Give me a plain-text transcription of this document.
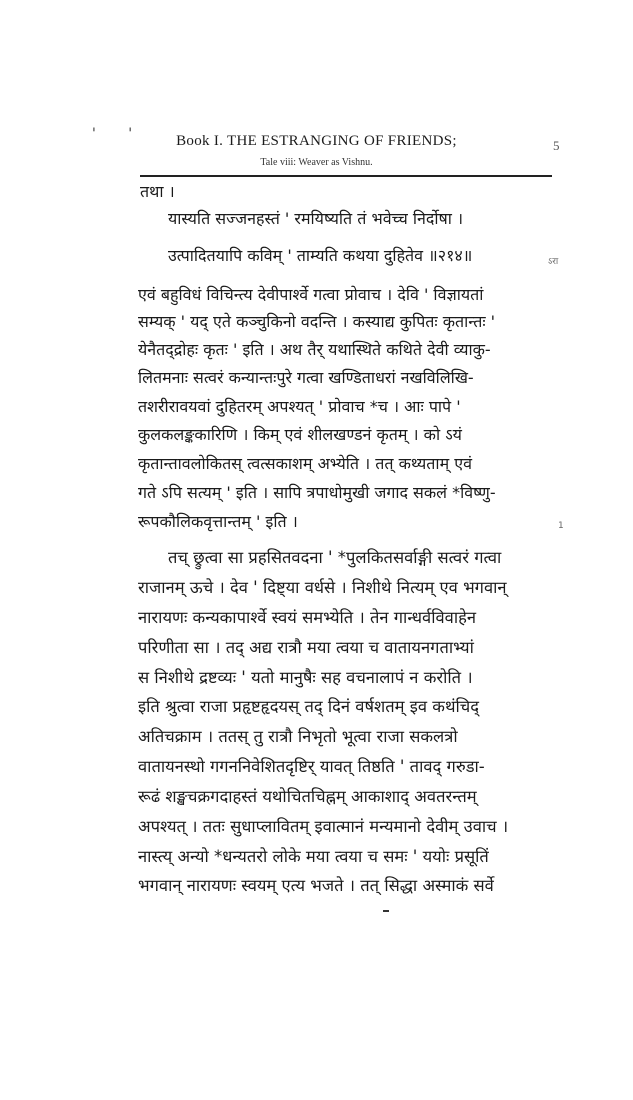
' '	Book I. THE ESTRANGING OF FRIENDS;	5
Tale viii: Weaver as Vishnu.
तथा ।
यास्यति सज्जनहस्तं ' रमयिष्यति तं भवेच्च निर्दोषा ।
उत्पादितयापि कविम् ' ताम्यति कथया दुहितेव ॥२१४॥
एवं बहुविधं विचिन्त्य देवीपार्श्वे गत्वा प्रोवाच । देवि ' विज्ञायतां
सम्यक् ' यद् एते कञ्चुकिनो वदन्ति । कस्याद्य कुपितः कृतान्तः '
येनैतद्द्रोहः कृतः ' इति । अथ तैर् यथास्थिते कथिते देवी व्याकु-
लितमनाः सत्वरं कन्यान्तःपुरे गत्वा खण्डिताधरां नखविलिखि-
तशरीरावयवां दुहितरम् अपश्यत् ' प्रोवाच *च । आः पापे '
कुलकलङ्ककारिणि । किम् एवं शीलखण्डनं कृतम् । को ऽयं
कृतान्तावलोकितस् त्वत्सकाशम् अभ्येति । तत् कथ्यताम् एवं
गते ऽपि सत्यम् ' इति । सापि त्रपाधोमुखी जगाद सकलं *विष्णु-
रूपकौलिकवृत्तान्तम् ' इति ।
तच् छ्रुत्वा सा प्रहसितवदना ' *पुलकितसर्वाङ्गी सत्वरं गत्वा
राजानम् ऊचे । देव ' दिष्ट्या वर्धसे । निशीथे नित्यम् एव भगवान्
नारायणः कन्यकापार्श्वे स्वयं समभ्येति । तेन गान्धर्वविवाहेन
परिणीता सा । तद् अद्य रात्रौ मया त्वया च वातायनगताभ्यां
स निशीथे द्रष्टव्यः ' यतो मानुषैः सह वचनालापं न करोति ।
इति श्रुत्वा राजा प्रहृष्टहृदयस् तद् दिनं वर्षशतम् इव कथंचिद्
अतिचक्राम । ततस् तु रात्रौ निभृतो भूत्वा राजा सकलत्रो
वातायनस्थो गगननिवेशितदृष्टिर् यावत् तिष्ठति ' तावद् गरुडा-
रूढं शङ्खचक्रगदाहस्तं यथोचितचिह्नम् आकाशाद् अवतरन्तम्
अपश्यत् । ततः सुधाप्लावितम् इवात्मानं मन्यमानो देवीम् उवाच ।
नास्त्य् अन्यो *धन्यतरो लोके मया त्वया च समः ' ययोः प्रसूतिं
भगवान् नारायणः स्वयम् एत्य भजते । तत् सिद्धा अस्माकं सर्वे
ऽरा
1
